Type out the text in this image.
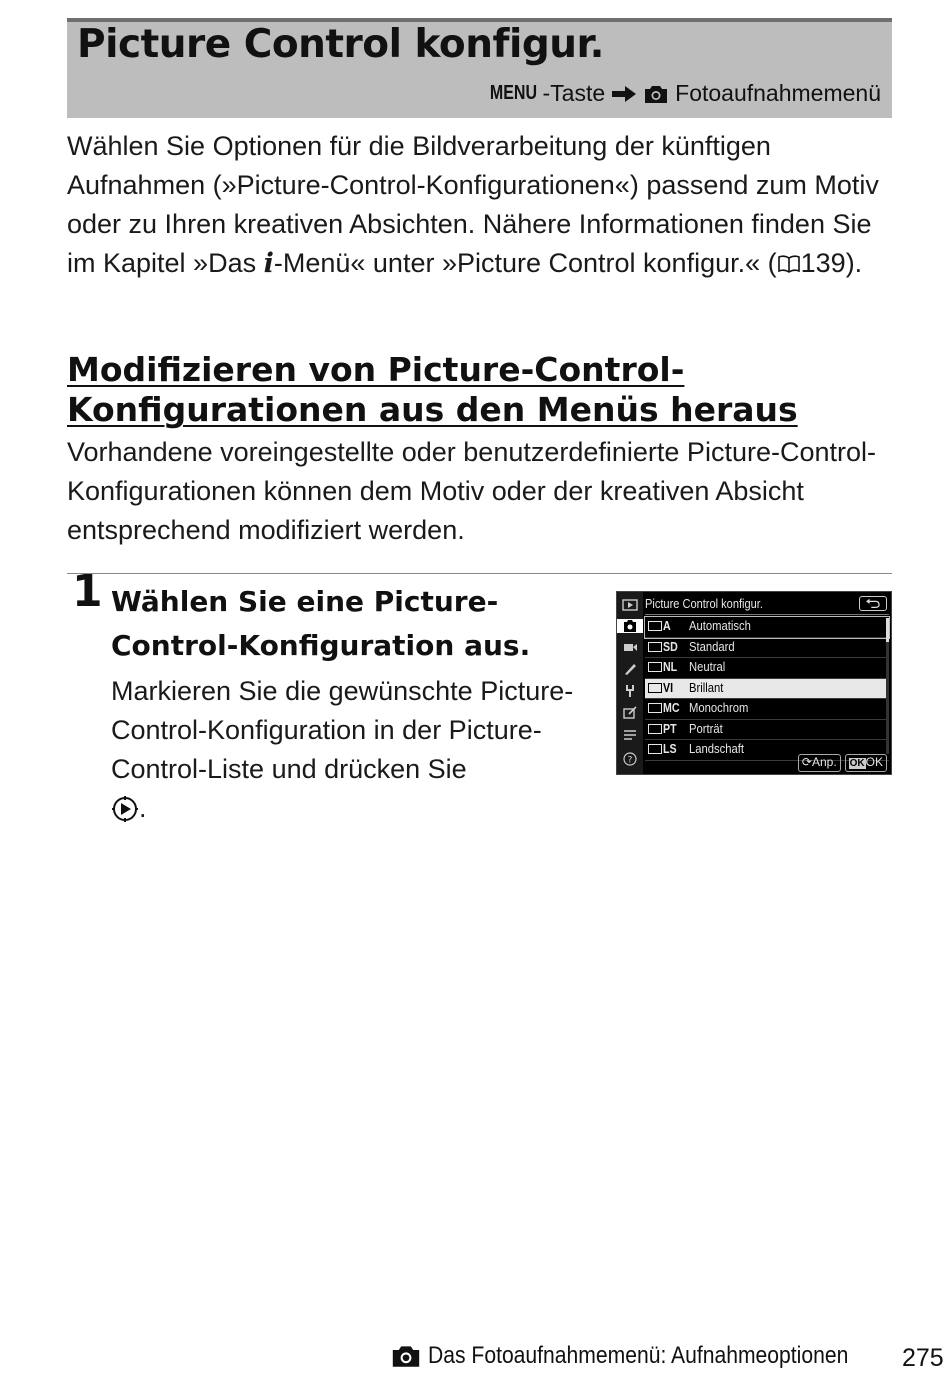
Picture Control konfigur.
MENU -Taste	Fotoaufnahmemenü

Wählen Sie Optionen für die Bildverarbeitung der künftigen Aufnahmen (»Picture-Control-Konfigurationen«) passend zum Motiv oder zu Ihren kreativen Absichten. Nähere Informationen finden Sie im Kapitel »Das i-Menü« unter »Picture Control konfigur.« ( 139).

Modifizieren von Picture-Control-
Konfigurationen aus den Menüs heraus

Vorhandene voreingestellte oder benutzerdefinierte Picture-Control-Konfigurationen können dem Motiv oder der kreativen Absicht entsprechend modifiziert werden.

1 Wählen Sie eine Picture-
Control-Konfiguration aus.

Markieren Sie die gewünschte Picture-Control-Konfiguration in der Picture-Control-Liste und drücken Sie
.

?
Picture Control konfigur.
A Automatisch
SD Standard
NL Neutral
VI Brillant
MC Monochrom
PT Porträt
LS Landschaft
⟳Anp.	OKOK
Das Fotoaufnahmemenü: Aufnahmeoptionen 275
